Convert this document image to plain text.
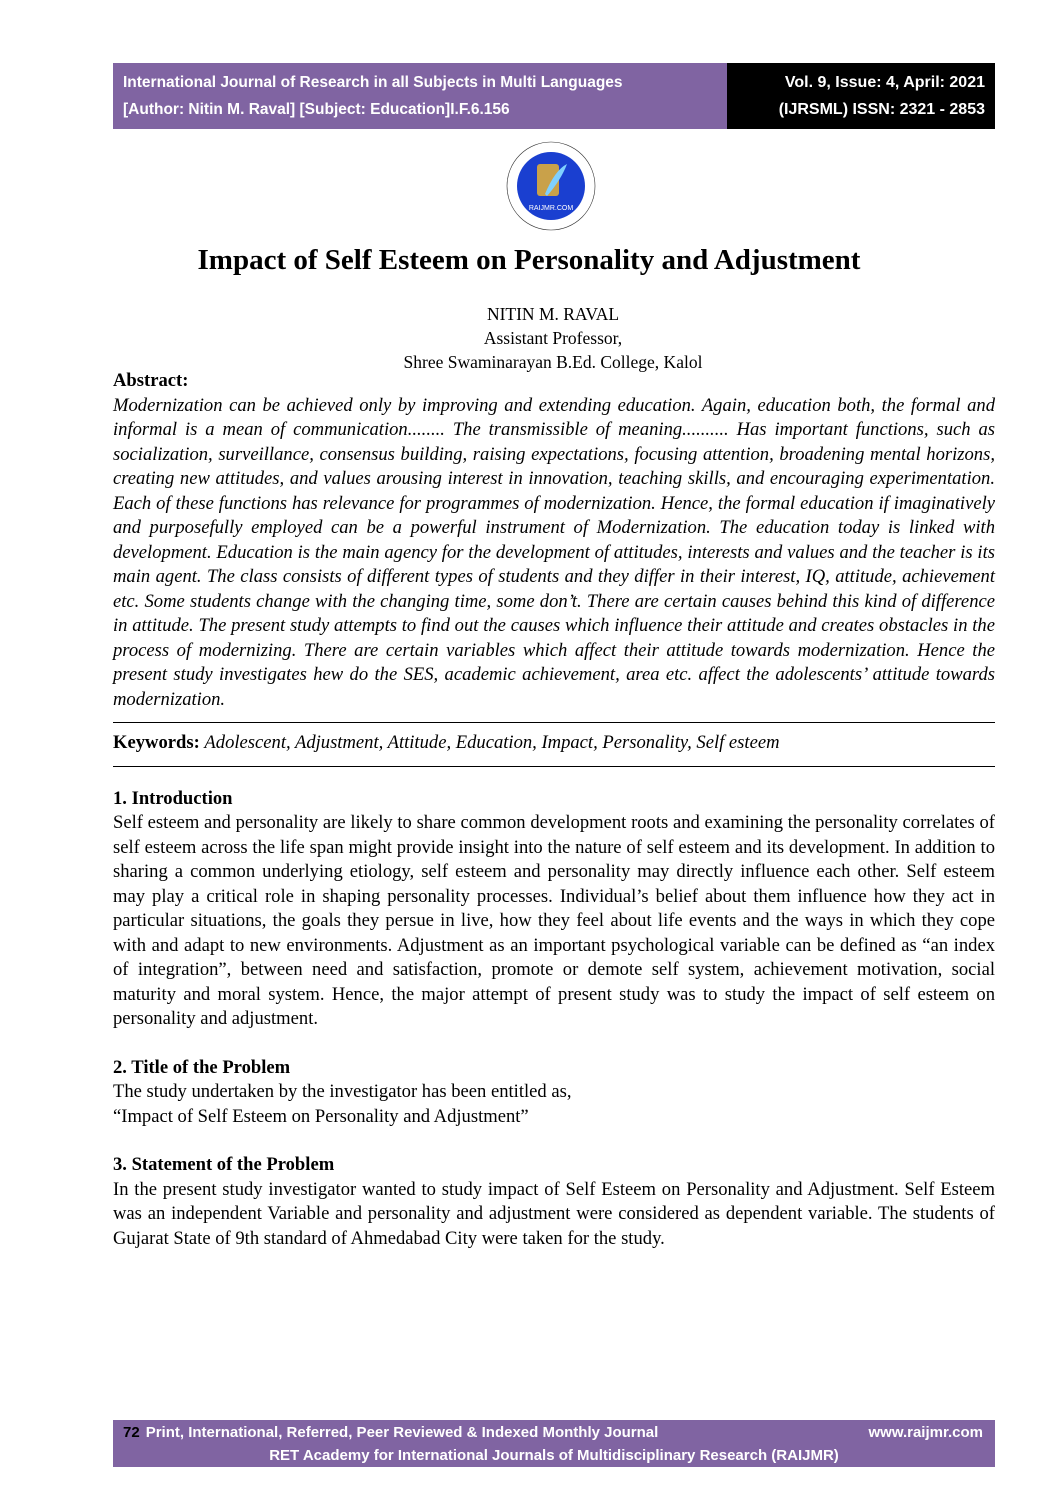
International Journal of Research in all Subjects in Multi Languages
[Author: Nitin M. Raval] [Subject: Education]I.F.6.156
Vol. 9, Issue: 4, April: 2021
(IJRSML) ISSN: 2321 - 2853
RAIJMR.COM
Impact of Self Esteem on Personality and Adjustment
NITIN M. RAVAL
Assistant Professor,
Shree Swaminarayan B.Ed. College, Kalol
Abstract:

Modernization can be achieved only by improving and extending education. Again, education both, the formal and informal is a mean of communication........ The transmissible of meaning.......... Has important functions, such as socialization, surveillance, consensus building, raising expectations, focusing attention, broadening mental horizons, creating new attitudes, and values arousing interest in innovation, teaching skills, and encouraging experimentation. Each of these functions has relevance for programmes of modernization. Hence, the formal education if imaginatively and purposefully employed can be a powerful instrument of Modernization. The education today is linked with development. Education is the main agency for the development of attitudes, interests and values and the teacher is its main agent. The class consists of different types of students and they differ in their interest, IQ, attitude, achievement etc. Some students change with the changing time, some don’t. There are certain causes behind this kind of difference in attitude. The present study attempts to find out the causes which influence their attitude and creates obstacles in the process of modernizing. There are certain variables which affect their attitude towards modernization. Hence the present study investigates hew do the SES, academic achievement, area etc. affect the adolescents’ attitude towards modernization.

Keywords: Adolescent, Adjustment, Attitude, Education, Impact, Personality, Self esteem

1. Introduction

Self esteem and personality are likely to share common development roots and examining the personality correlates of self esteem across the life span might provide insight into the nature of self esteem and its development. In addition to sharing a common underlying etiology, self esteem and personality may directly influence each other. Self esteem may play a critical role in shaping personality processes. Individual’s belief about them influence how they act in particular situations, the goals they persue in live, how they feel about life events and the ways in which they cope with and adapt to new environments. Adjustment as an important psychological variable can be defined as “an index of integration”, between need and satisfaction, promote or demote self system, achievement motivation, social maturity and moral system. Hence, the major attempt of present study was to study the impact of self esteem on personality and adjustment.

2. Title of the Problem

The study undertaken by the investigator has been entitled as,

“Impact of Self Esteem on Personality and Adjustment”

3. Statement of the Problem

In the present study investigator wanted to study impact of Self Esteem on Personality and Adjustment. Self Esteem was an independent Variable and personality and adjustment were considered as dependent variable. The students of Gujarat State of 9th standard of Ahmedabad City were taken for the study.

72 Print, International, Referred, Peer Reviewed & Indexed Monthly Journal	www.raijmr.com
RET Academy for International Journals of Multidisciplinary Research (RAIJMR)
